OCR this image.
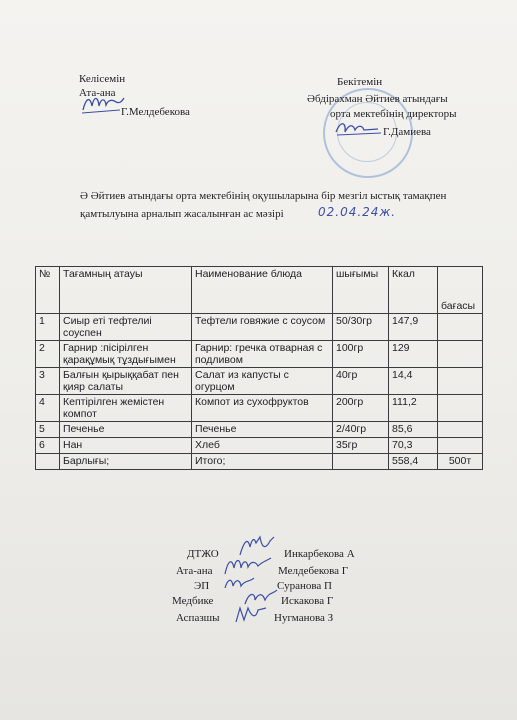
Келісемін
Ата-ана
Г.Мелдебекова
Бекітемін
Әбдірахман Әйтиев атындағы
орта мектебінің директоры
Г.Дамиева
Ә Әйтиев атындағы орта мектебінің оқушыларына бір мезгіл ыстық тамақпен
қамтылуына арналып жасалынған ас мәзірі	02.04.24ж.
№	Тағамның атауы	Наименование блюда	шығымы	Ккал	бағасы
1	Сиыр еті тефтелиі соуспен	Тефтели говяжие с соусом	50/30гр	147,9	
2	Гарнир :пісірілген қарақұмық тұздығымен	Гарнир: гречка отварная с подливом	100гр	129	
3	Балғын қырыққабат пен қияр салаты	Салат из капусты с огурцом	40гр	14,4	
4	Кептірілген жемістен компот	Компот из сухофруктов	200гр	111,2	
5	Печенье	Печенье	2/40гр	85,6	
6	Нан	Хлеб	35гр	70,3	
	Барлығы;	Итого;		558,4	500т
ДТЖО	Инкарбекова А
Ата-ана	Мелдебекова Г
ЭП	Суранова П
Медбике	Искакова Г
Аспазшы	Нугманова З
